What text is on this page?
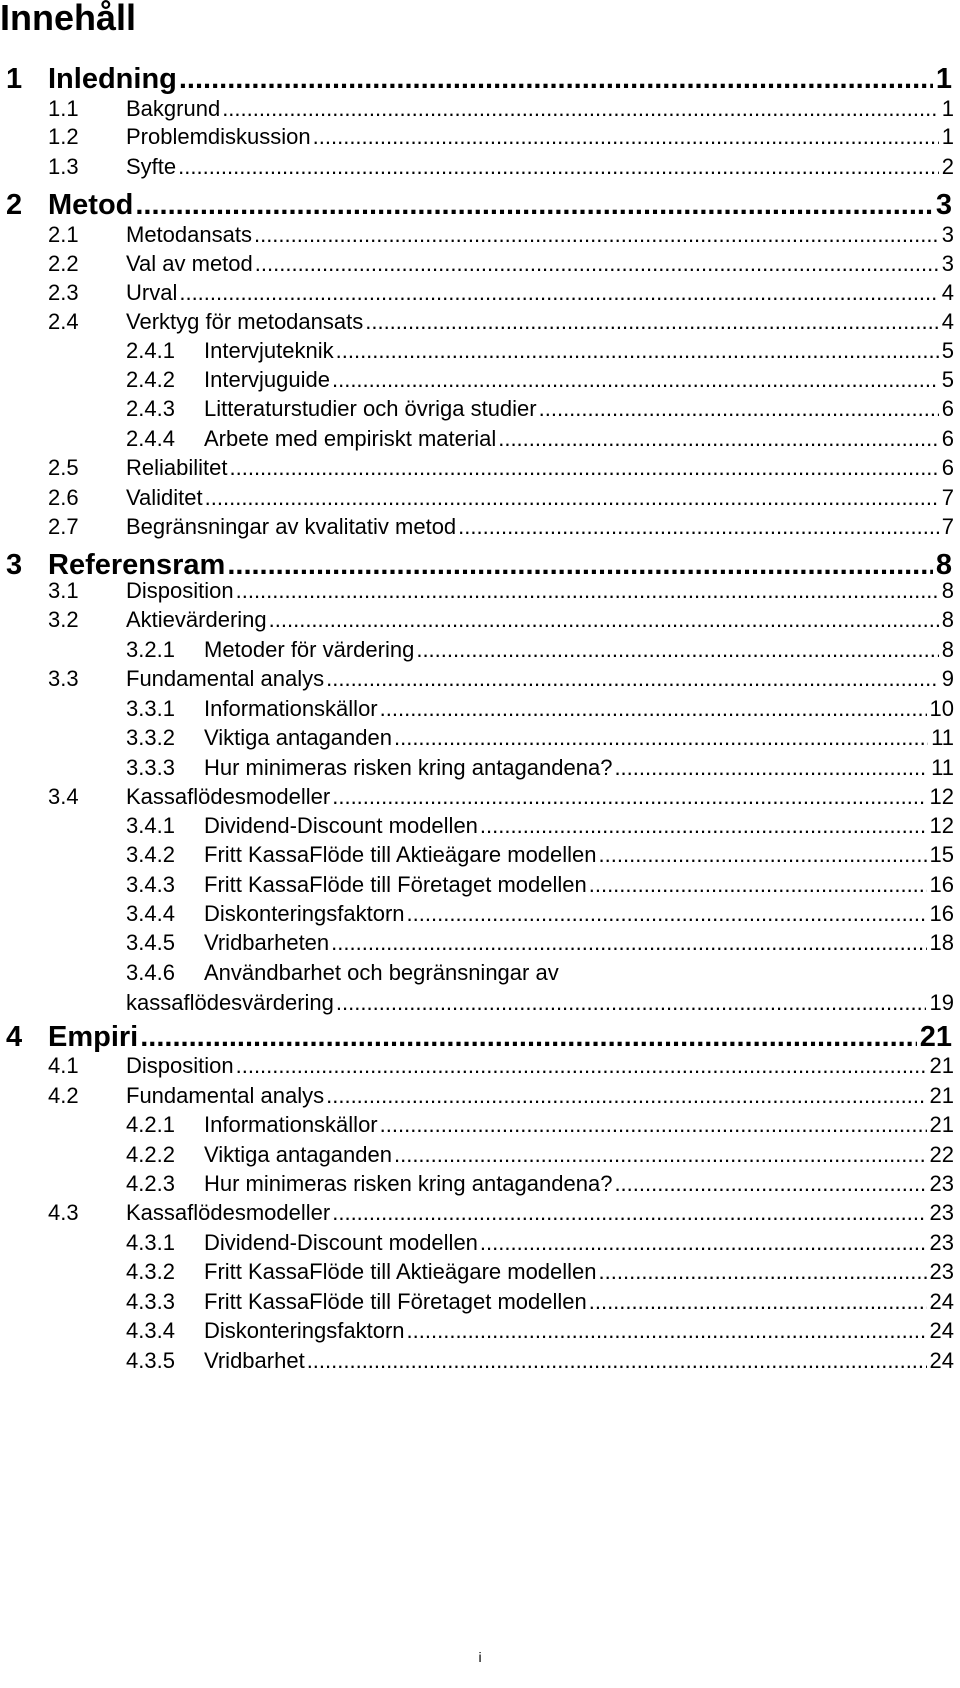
Innehåll
1 Inledning .....	1
1.1 Bakgrund .....	1
1.2 Problemdiskussion .....	1
1.3 Syfte .....	2
2 Metod .....	3
2.1 Metodansats .....	3
2.2 Val av metod .....	3
2.3 Urval .....	4
2.4 Verktyg för metodansats .....	4
2.4.1 Intervjuteknik .....	5
2.4.2 Intervjuguide .....	5
2.4.3 Litteraturstudier och övriga studier .....	6
2.4.4 Arbete med empiriskt material .....	6
2.5 Reliabilitet .....	6
2.6 Validitet .....	7
2.7 Begränsningar av kvalitativ metod .....	7
3 Referensram .....	8
3.1 Disposition .....	8
3.2 Aktievärdering .....	8
3.2.1 Metoder för värdering .....	8
3.3 Fundamental analys .....	9
3.3.1 Informationskällor .....	10
3.3.2 Viktiga antaganden .....	11
3.3.3 Hur minimeras risken kring antagandena? .....	11
3.4 Kassaflödesmodeller .....	12
3.4.1 Dividend-Discount modellen .....	12
3.4.2 Fritt KassaFlöde till Aktieägare modellen .....	15
3.4.3 Fritt KassaFlöde till Företaget modellen .....	16
3.4.4 Diskonteringsfaktorn .....	16
3.4.5 Vridbarheten .....	18
3.4.6 Användbarhet och begränsningar av
kassaflödesvärdering .....	19
4 Empiri .....	21
4.1 Disposition .....	21
4.2 Fundamental analys .....	21
4.2.1 Informationskällor .....	21
4.2.2 Viktiga antaganden .....	22
4.2.3 Hur minimeras risken kring antagandena? .....	23
4.3 Kassaflödesmodeller .....	23
4.3.1 Dividend-Discount modellen .....	23
4.3.2 Fritt KassaFlöde till Aktieägare modellen .....	23
4.3.3 Fritt KassaFlöde till Företaget modellen .....	24
4.3.4 Diskonteringsfaktorn .....	24
4.3.5 Vridbarhet .....	24
i
